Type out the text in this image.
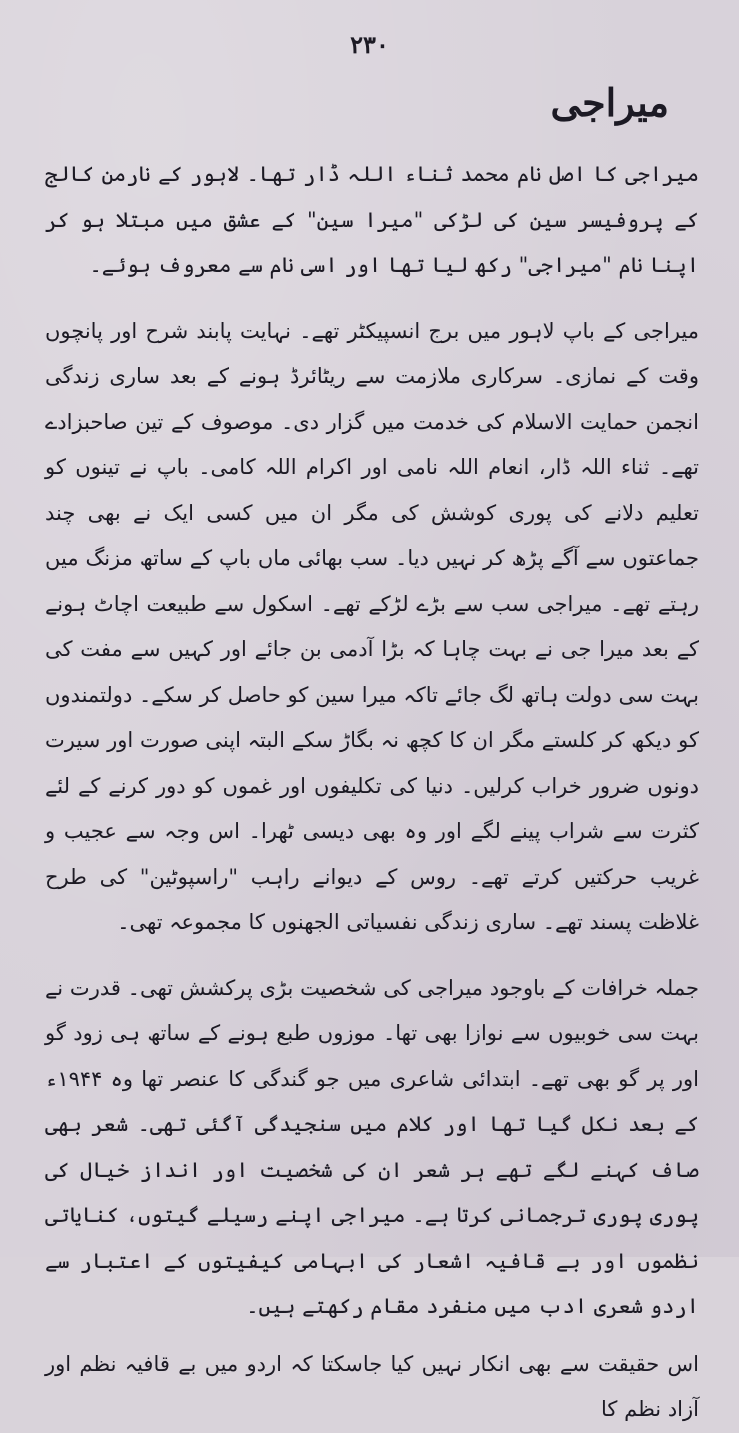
۲۳۰
میراجی

میراجی کا اصل نام محمد ثناء اللہ ڈار تھا۔ لاہور کے نارمن کالج کے پروفیسر سین کی لڑکی "میرا سین" کے عشق میں مبتلا ہو کر اپنا نام "میراجی" رکھ لیا تھا اور اسی نام سے معروف ہوئے۔

میراجی کے باپ لاہور میں برج انسپیکٹر تھے۔ نہایت پابند شرح اور پانچوں وقت کے نمازی۔ سرکاری ملازمت سے ریٹائرڈ ہونے کے بعد ساری زندگی انجمن حمایت الاسلام کی خدمت میں گزار دی۔ موصوف کے تین صاحبزادے تھے۔ ثناء اللہ ڈار، انعام اللہ نامی اور اکرام اللہ کامی۔ باپ نے تینوں کو تعلیم دلانے کی پوری کوشش کی مگر ان میں کسی ایک نے بھی چند جماعتوں سے آگے پڑھ کر نہیں دیا۔ سب بھائی ماں باپ کے ساتھ مزنگ میں رہتے تھے۔ میراجی سب سے بڑے لڑکے تھے۔ اسکول سے طبیعت اچاٹ ہونے کے بعد میرا جی نے بہت چاہا کہ بڑا آدمی بن جائے اور کہیں سے مفت کی بہت سی دولت ہاتھ لگ جائے تاکہ میرا سین کو حاصل کر سکے۔ دولتمندوں کو دیکھ کر کلستے مگر ان کا کچھ نہ بگاڑ سکے البتہ اپنی صورت اور سیرت دونوں ضرور خراب کرلیں۔ دنیا کی تکلیفوں اور غموں کو دور کرنے کے لئے کثرت سے شراب پینے لگے اور وہ بھی دیسی ٹھرا۔ اس وجہ سے عجیب و غریب حرکتیں کرتے تھے۔ روس کے دیوانے راہب "راسپوٹین" کی طرح غلاظت پسند تھے۔ ساری زندگی نفسیاتی الجھنوں کا مجموعہ تھی۔

جملہ خرافات کے باوجود میراجی کی شخصیت بڑی پرکشش تھی۔ قدرت نے بہت سی خوبیوں سے نوازا بھی تھا۔ موزوں طبع ہونے کے ساتھ ہی زود گو اور پر گو بھی تھے۔ ابتدائی شاعری میں جو گندگی کا عنصر تھا وہ ۱۹۴۴ء کے بعد نکل گیا تھا اور کلام میں سنجیدگی آگئی تھی۔ شعر بھی صاف کہنے لگے تھے ہر شعر ان کی شخصیت اور انداز خیال کی پوری پوری ترجمانی کرتا ہے۔ میراجی اپنے رسیلے گیتوں، کنایاتی نظموں اور بے قافیہ اشعار کی ابہامی کیفیتوں کے اعتبار سے اردو شعری ادب میں منفرد مقام رکھتے ہیں۔

اس حقیقت سے بھی انکار نہیں کیا جاسکتا کہ اردو میں بے قافیہ نظم اور آزاد نظم کا
